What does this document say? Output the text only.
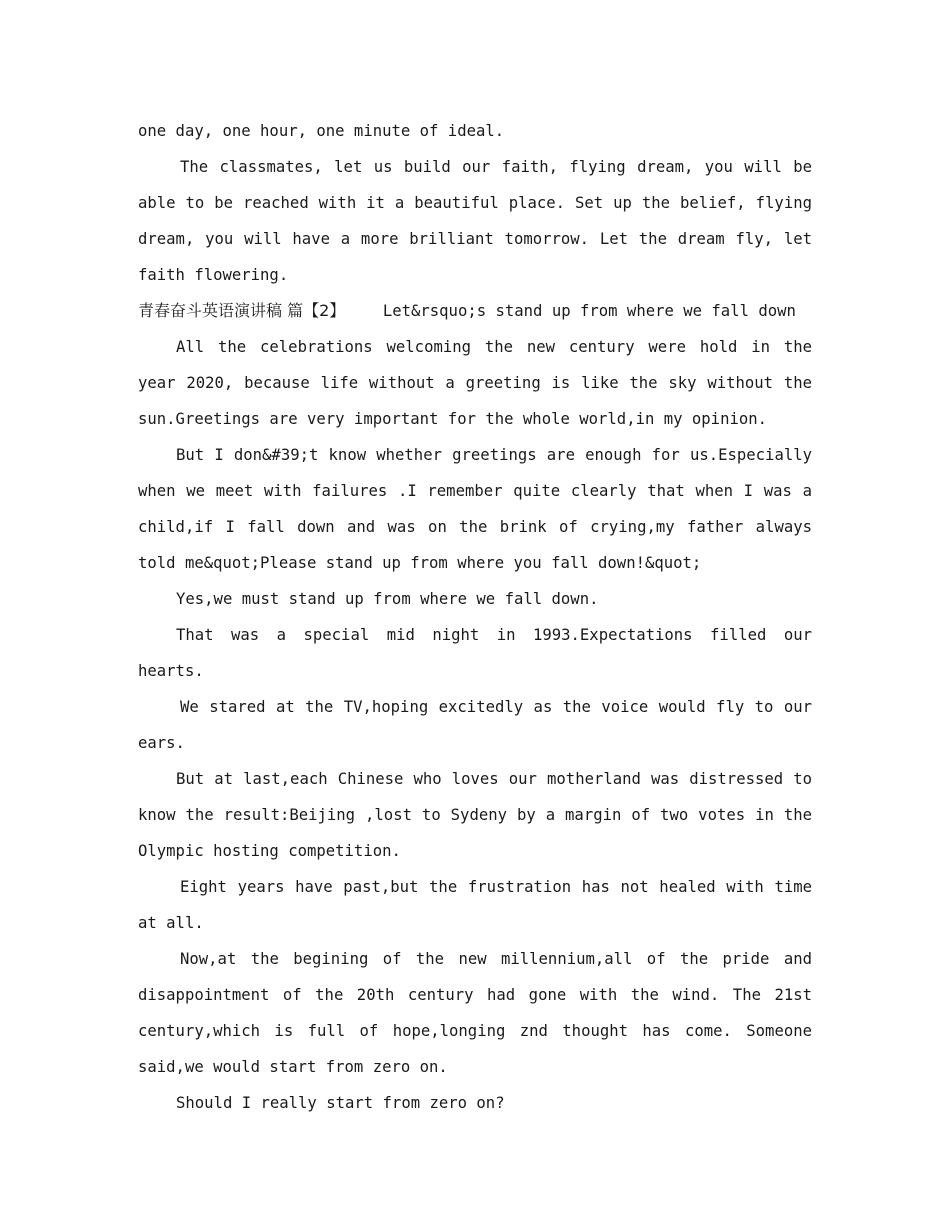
one day, one hour, one minute of ideal.

The classmates, let us build our faith, flying dream, you will be able to be reached with it a beautiful place. Set up the belief, flying dream, you will have a more brilliant tomorrow. Let the dream fly, let faith flowering.

青春奋斗英语演讲稿 篇【2】    Let&rsquo;s stand up from where we fall down

All the celebrations welcoming the new century were hold in the year 2020, because life without a greeting is like the sky without the sun.Greetings are very important for the whole world,in my opinion.

But I don&#39;t know whether greetings are enough for us.Especially when we meet with failures .I remember quite clearly that when I was a child,if I fall down and was on the brink of crying,my father always told me&quot;Please stand up from where you fall down!&quot;

Yes,we must stand up from where we fall down.

That was a special mid night in 1993.Expectations filled our hearts.

We stared at the TV,hoping excitedly as the voice would fly to our ears.

But at last,each Chinese who loves our motherland was distressed to know the result:Beijing ,lost to Sydeny by a margin of two votes in the Olympic hosting competition.

Eight years have past,but the frustration has not healed with time at all.

Now,at the begining of the new millennium,all of the pride and disappointment of the 20th century had gone with the wind. The 21st century,which is full of hope,longing znd thought has come. Someone said,we would start from zero on.

Should I really start from zero on?
